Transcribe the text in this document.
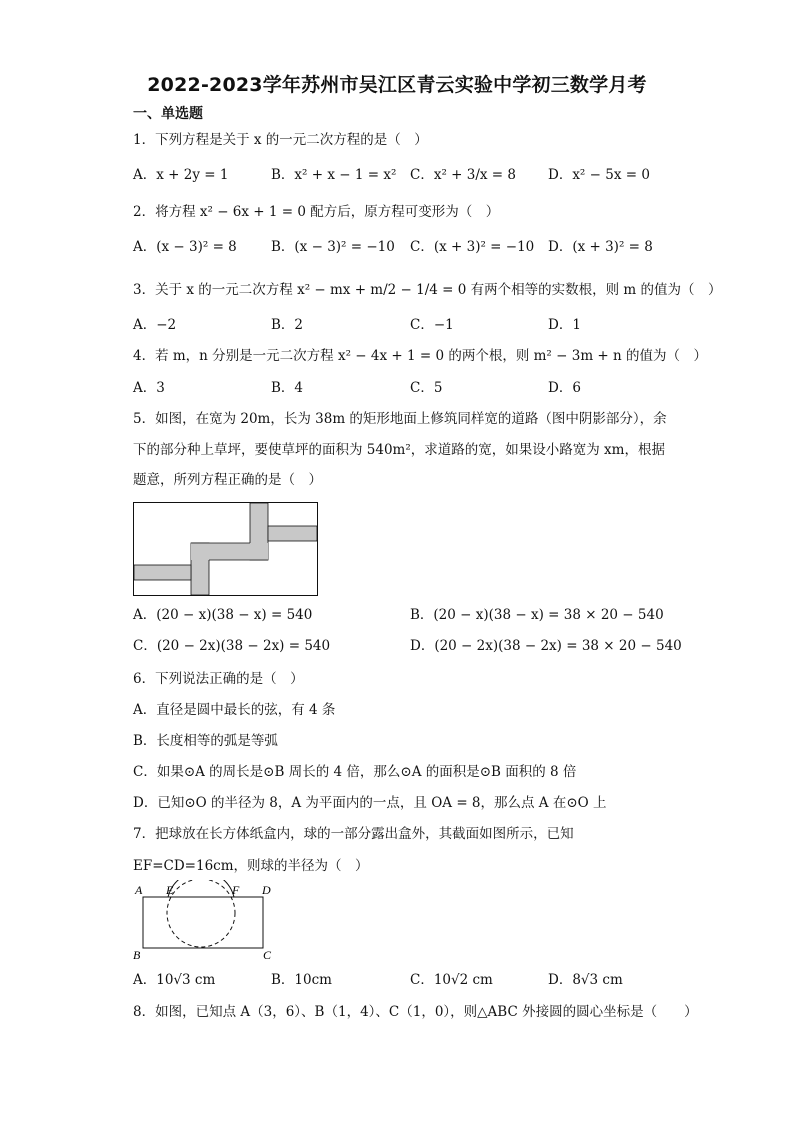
2022-2023学年苏州市吴江区青云实验中学初三数学月考
一、单选题
1．下列方程是关于 x 的一元二次方程的是（　）
A．x + 2y = 1	B．x² + x − 1 = x² C．x² + 3/x = 8 D．x² − 5x = 0
2．将方程 x² − 6x + 1 = 0 配方后，原方程可变形为（　）
A．(x − 3)² = 8	B．(x − 3)² = −10 C．(x + 3)² = −10 D．(x + 3)² = 8
3．关于 x 的一元二次方程 x² − mx + m/2 − 1/4 = 0 有两个相等的实数根，则 m 的值为（　）
A．−2	B．2	C．−1	D．1
4．若 m，n 分别是一元二次方程 x² − 4x + 1 = 0 的两个根，则 m² − 3m + n 的值为（　）
A．3	B．4	C．5	D．6
5．如图，在宽为 20m，长为 38m 的矩形地面上修筑同样宽的道路（图中阴影部分），余
下的部分种上草坪，要使草坪的面积为 540m²，求道路的宽，如果设小路宽为 xm，根据
题意，所列方程正确的是（　）
A．(20 − x)(38 − x) = 540	B．(20 − x)(38 − x) = 38 × 20 − 540
C．(20 − 2x)(38 − 2x) = 540	D．(20 − 2x)(38 − 2x) = 38 × 20 − 540
6．下列说法正确的是（　）
A．直径是圆中最长的弦，有 4 条
B．长度相等的弧是等弧
C．如果⊙A 的周长是⊙B 周长的 4 倍，那么⊙A 的面积是⊙B 面积的 8 倍
D．已知⊙O 的半径为 8，A 为平面内的一点，且 OA = 8，那么点 A 在⊙O 上
7．把球放在长方体纸盒内，球的一部分露出盒外，其截面如图所示，已知
EF=CD=16cm，则球的半径为（　）
A E	F D
B	C
A．10√3 cm	B．10cm	C．10√2 cm	D．8√3 cm
8．如图，已知点 A（3，6）、B（1，4）、C（1，0），则△ABC 外接圆的圆心坐标是（　　）
